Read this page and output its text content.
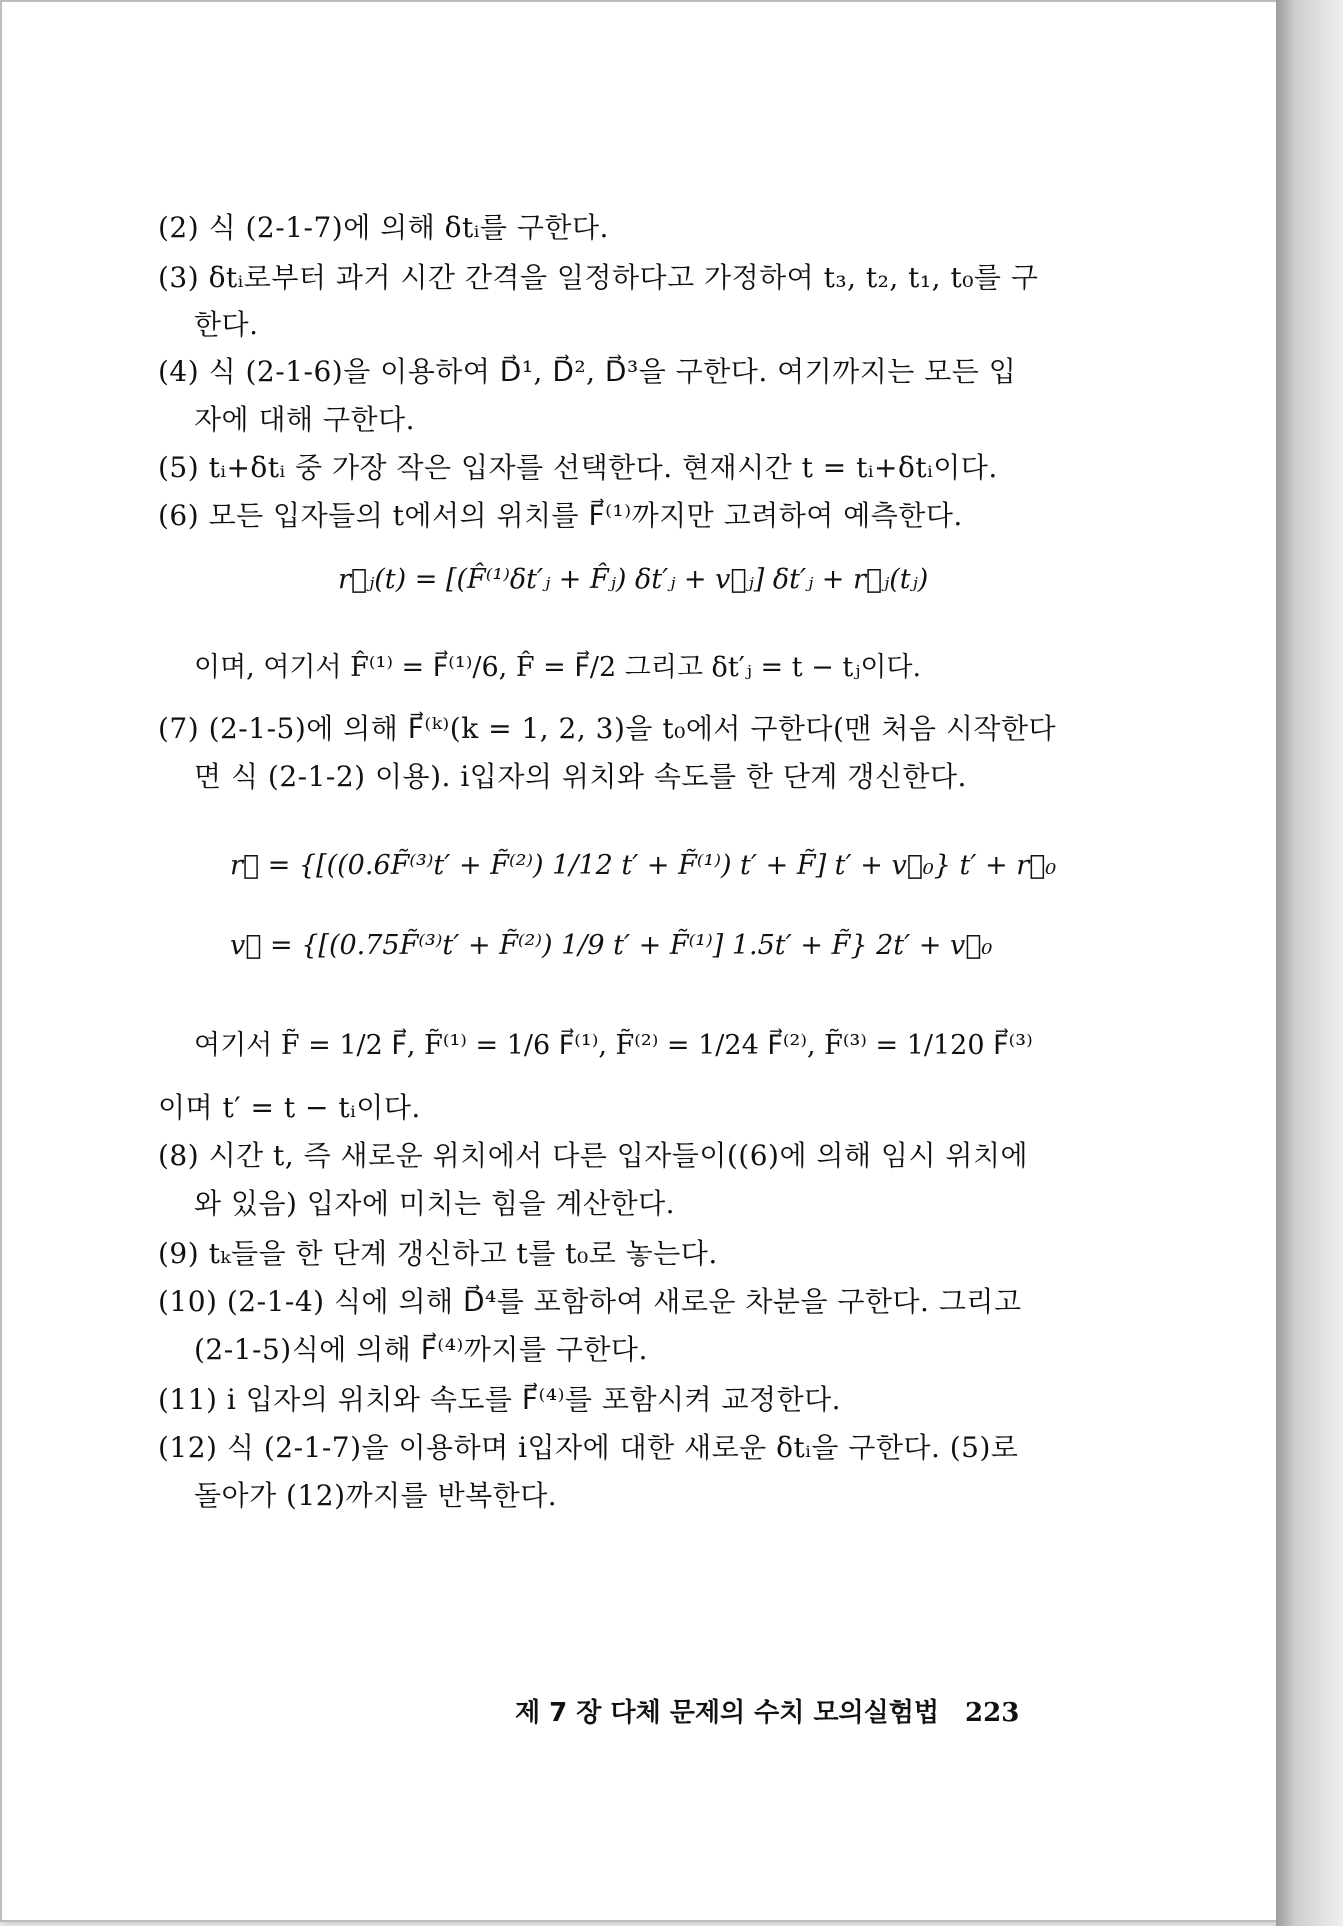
(2) 식 (2-1-7)에 의해 δtᵢ를 구한다.
(3) δtᵢ로부터 과거 시간 간격을 일정하다고 가정하여 t₃, t₂, t₁, t₀를 구
한다.
(4) 식 (2-1-6)을 이용하여 D⃗¹, D⃗², D⃗³을 구한다. 여기까지는 모든 입
자에 대해 구한다.
(5) tᵢ+δtᵢ 중 가장 작은 입자를 선택한다. 현재시간 t = tᵢ+δtᵢ이다.
(6) 모든 입자들의 t에서의 위치를 F⃗⁽¹⁾까지만 고려하여 예측한다.
r⃗ⱼ(t) = [(F̂⁽¹⁾δt′ⱼ + F̂ⱼ) δt′ⱼ + v⃗ⱼ] δt′ⱼ + r⃗ⱼ(tⱼ)
이며, 여기서 F̂⁽¹⁾ = F⃗⁽¹⁾/6, F̂ = F⃗/2 그리고 δt′ⱼ = t − tⱼ이다.
(7) (2-1-5)에 의해 F⃗⁽ᵏ⁾(k = 1, 2, 3)을 t₀에서 구한다(맨 처음 시작한다
면 식 (2-1-2) 이용). i입자의 위치와 속도를 한 단계 갱신한다.
r⃗ = {[((0.6F̃⁽³⁾t′ + F̃⁽²⁾) 1/12 t′ + F̃⁽¹⁾) t′ + F̃] t′ + v⃗₀} t′ + r⃗₀
v⃗ = {[(0.75F̃⁽³⁾t′ + F̃⁽²⁾) 1/9 t′ + F̃⁽¹⁾] 1.5t′ + F̃} 2t′ + v⃗₀
여기서 F̃ = 1/2 F⃗, F̃⁽¹⁾ = 1/6 F⃗⁽¹⁾, F̃⁽²⁾ = 1/24 F⃗⁽²⁾, F̃⁽³⁾ = 1/120 F⃗⁽³⁾
이며 t′ = t − tᵢ이다.
(8) 시간 t, 즉 새로운 위치에서 다른 입자들이((6)에 의해 임시 위치에
와 있음) 입자에 미치는 힘을 계산한다.
(9) tₖ들을 한 단계 갱신하고 t를 t₀로 놓는다.
(10) (2-1-4) 식에 의해 D⃗⁴를 포함하여 새로운 차분을 구한다. 그리고
(2-1-5)식에 의해 F⃗⁽⁴⁾까지를 구한다.
(11) i 입자의 위치와 속도를 F⃗⁽⁴⁾를 포함시켜 교정한다.
(12) 식 (2-1-7)을 이용하며 i입자에 대한 새로운 δtᵢ을 구한다. (5)로
돌아가 (12)까지를 반복한다.
제 7 장 다체 문제의 수치 모의실험법 223
